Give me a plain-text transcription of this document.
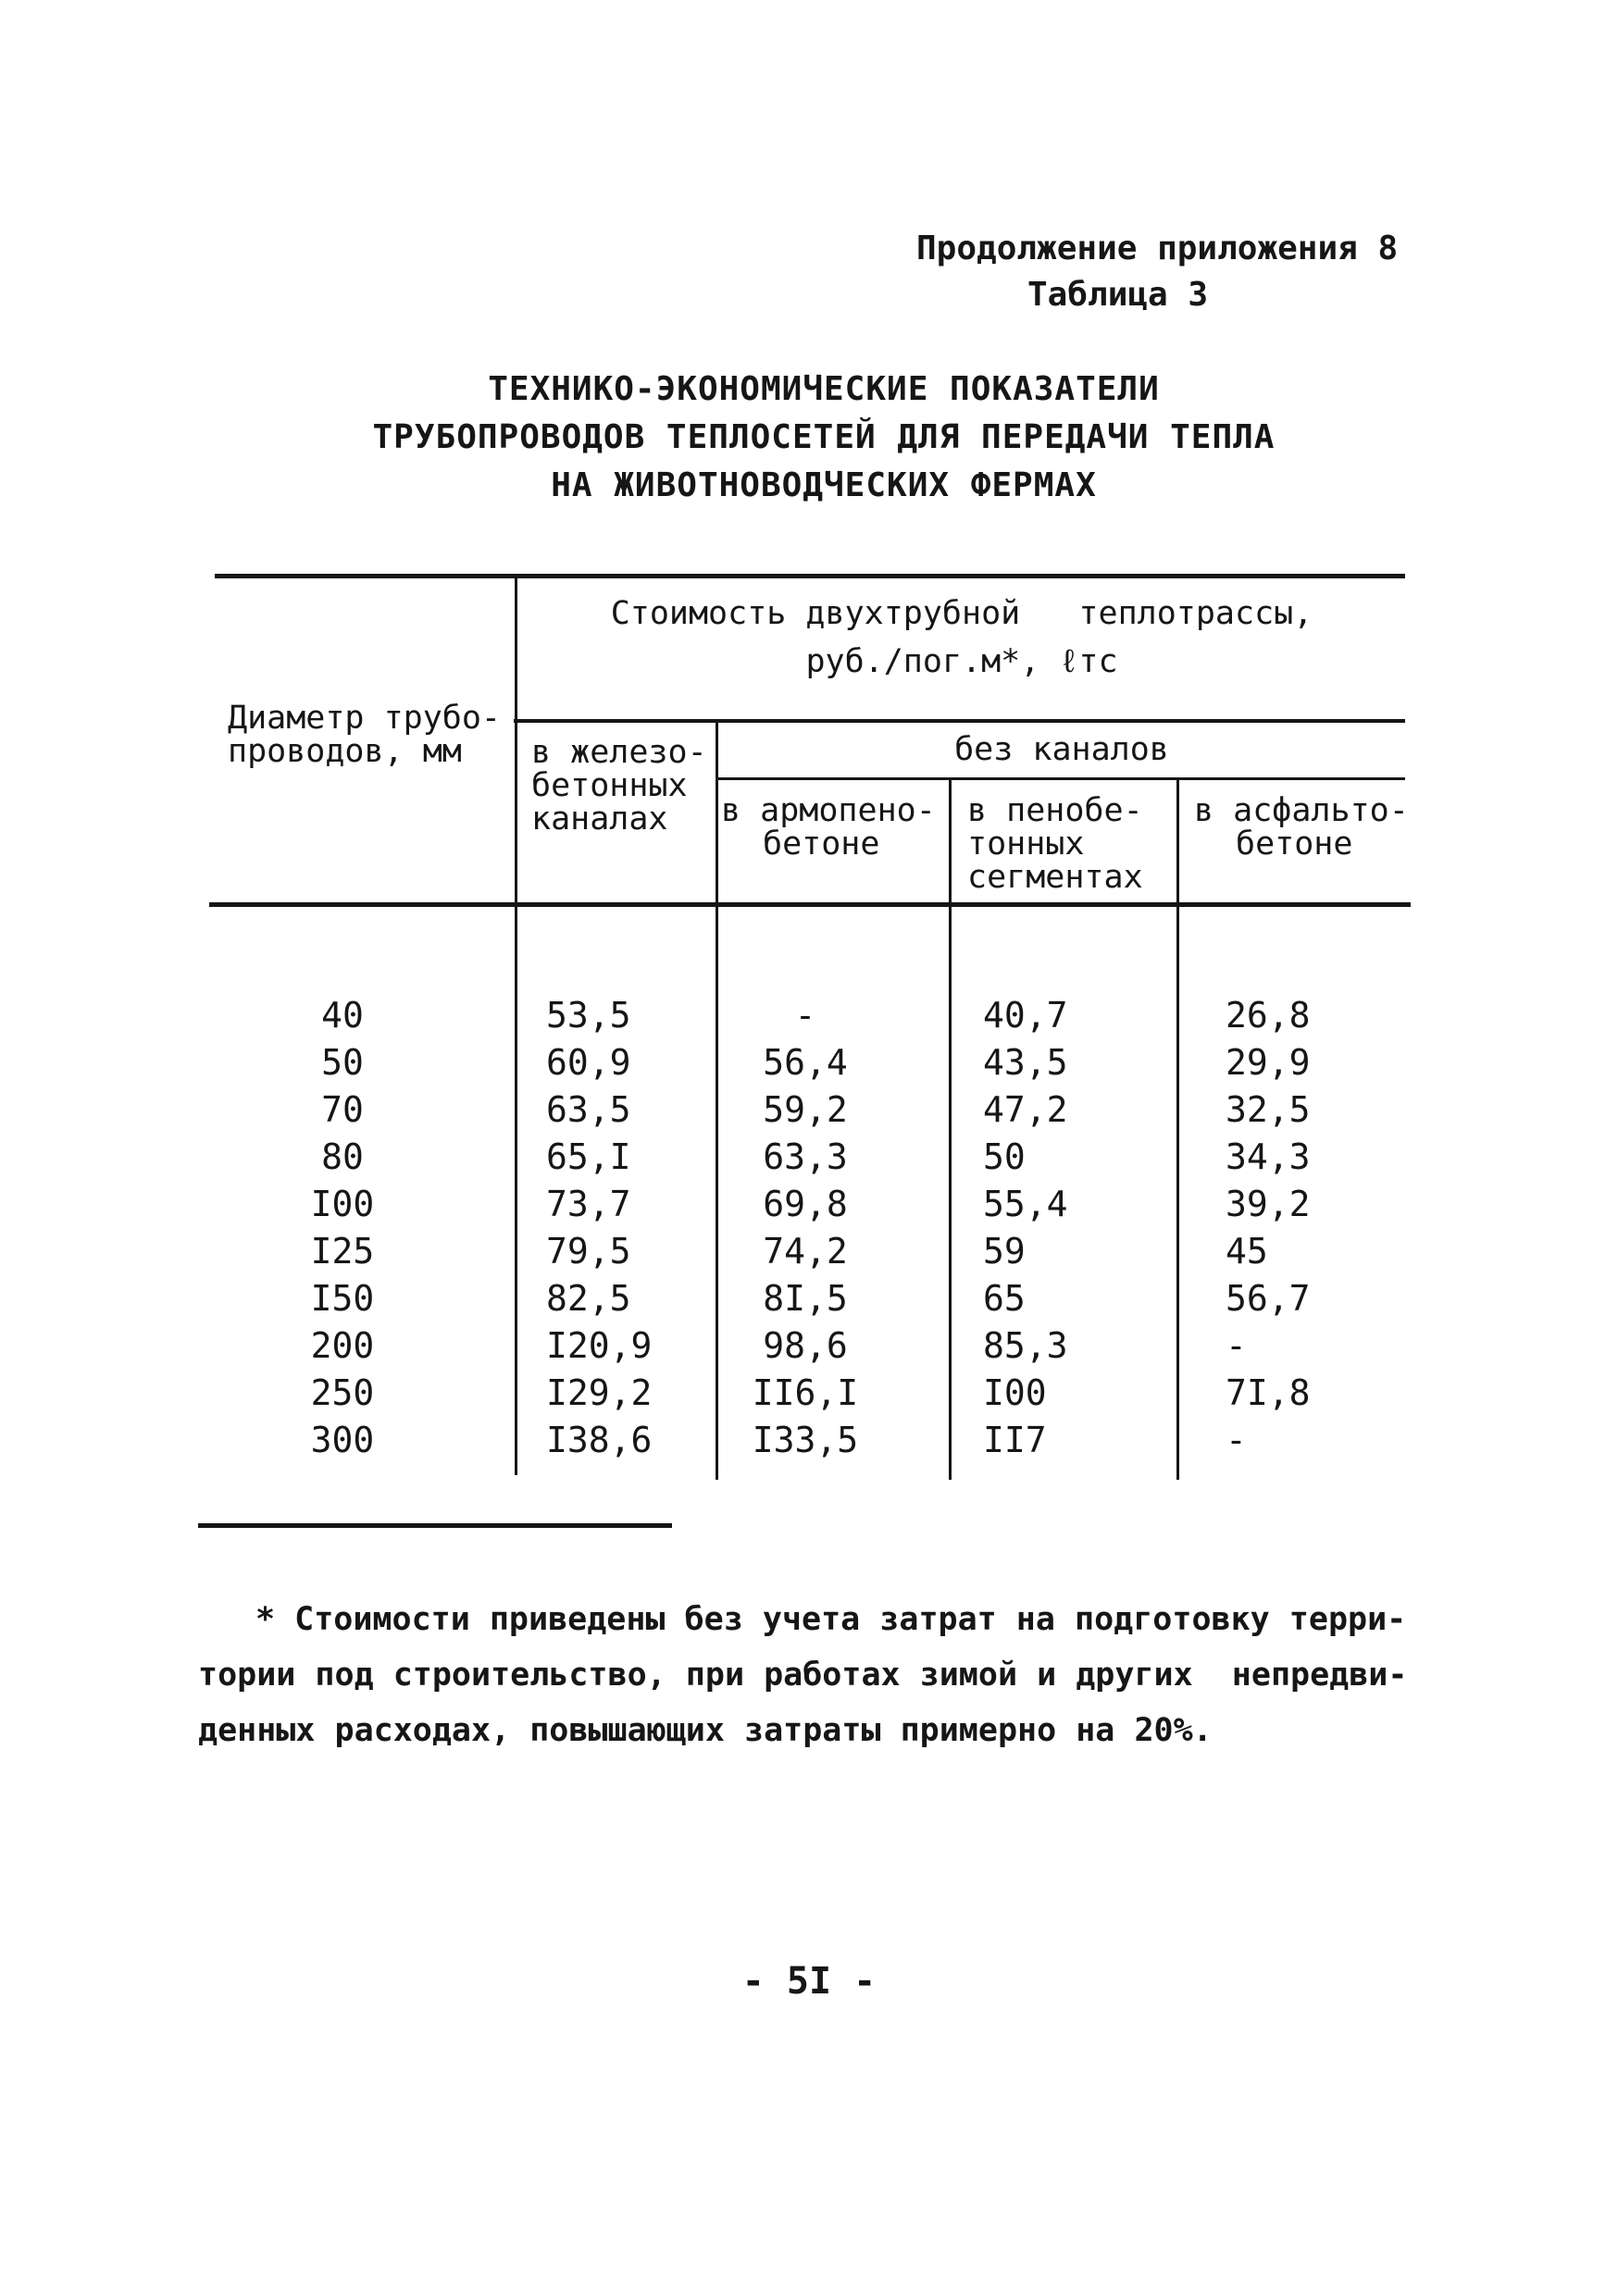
Продолжение приложения 8
Таблица 3
ТЕХНИКО-ЭКОНОМИЧЕСКИЕ ПОКАЗАТЕЛИ
ТРУБОПРОВОДОВ ТЕПЛОСЕТЕЙ ДЛЯ ПЕРЕДАЧИ ТЕПЛА
НА ЖИВОТНОВОДЧЕСКИХ ФЕРМАХ
Диаметр трубо-
проводов, мм
Стоимость двухтрубной   теплотрассы,
руб./пог.м*, ℓтс
в железо-
бетонных
каналах
без каналов
в армопено-
бетоне
в пенобе-
тонных
сегментах
в асфальто-
бетоне
40	53,5	-	40,7	26,8
50	60,9	56,4	43,5	29,9
70	63,5	59,2	47,2	32,5
80	65,I	63,3	50	34,3
I00	73,7	69,8	55,4	39,2
I25	79,5	74,2	59	45
I50	82,5	8I,5	65	56,7
200	I20,9	98,6	85,3	-
250	I29,2	II6,I	I00	7I,8
300	I38,6	I33,5	II7	-
* Стоимости приведены без учета затрат на подготовку терри-
тории под строительство, при работах зимой и других  непредви-
денных расходах, повышающих затраты примерно на 20%.
- 5I -
